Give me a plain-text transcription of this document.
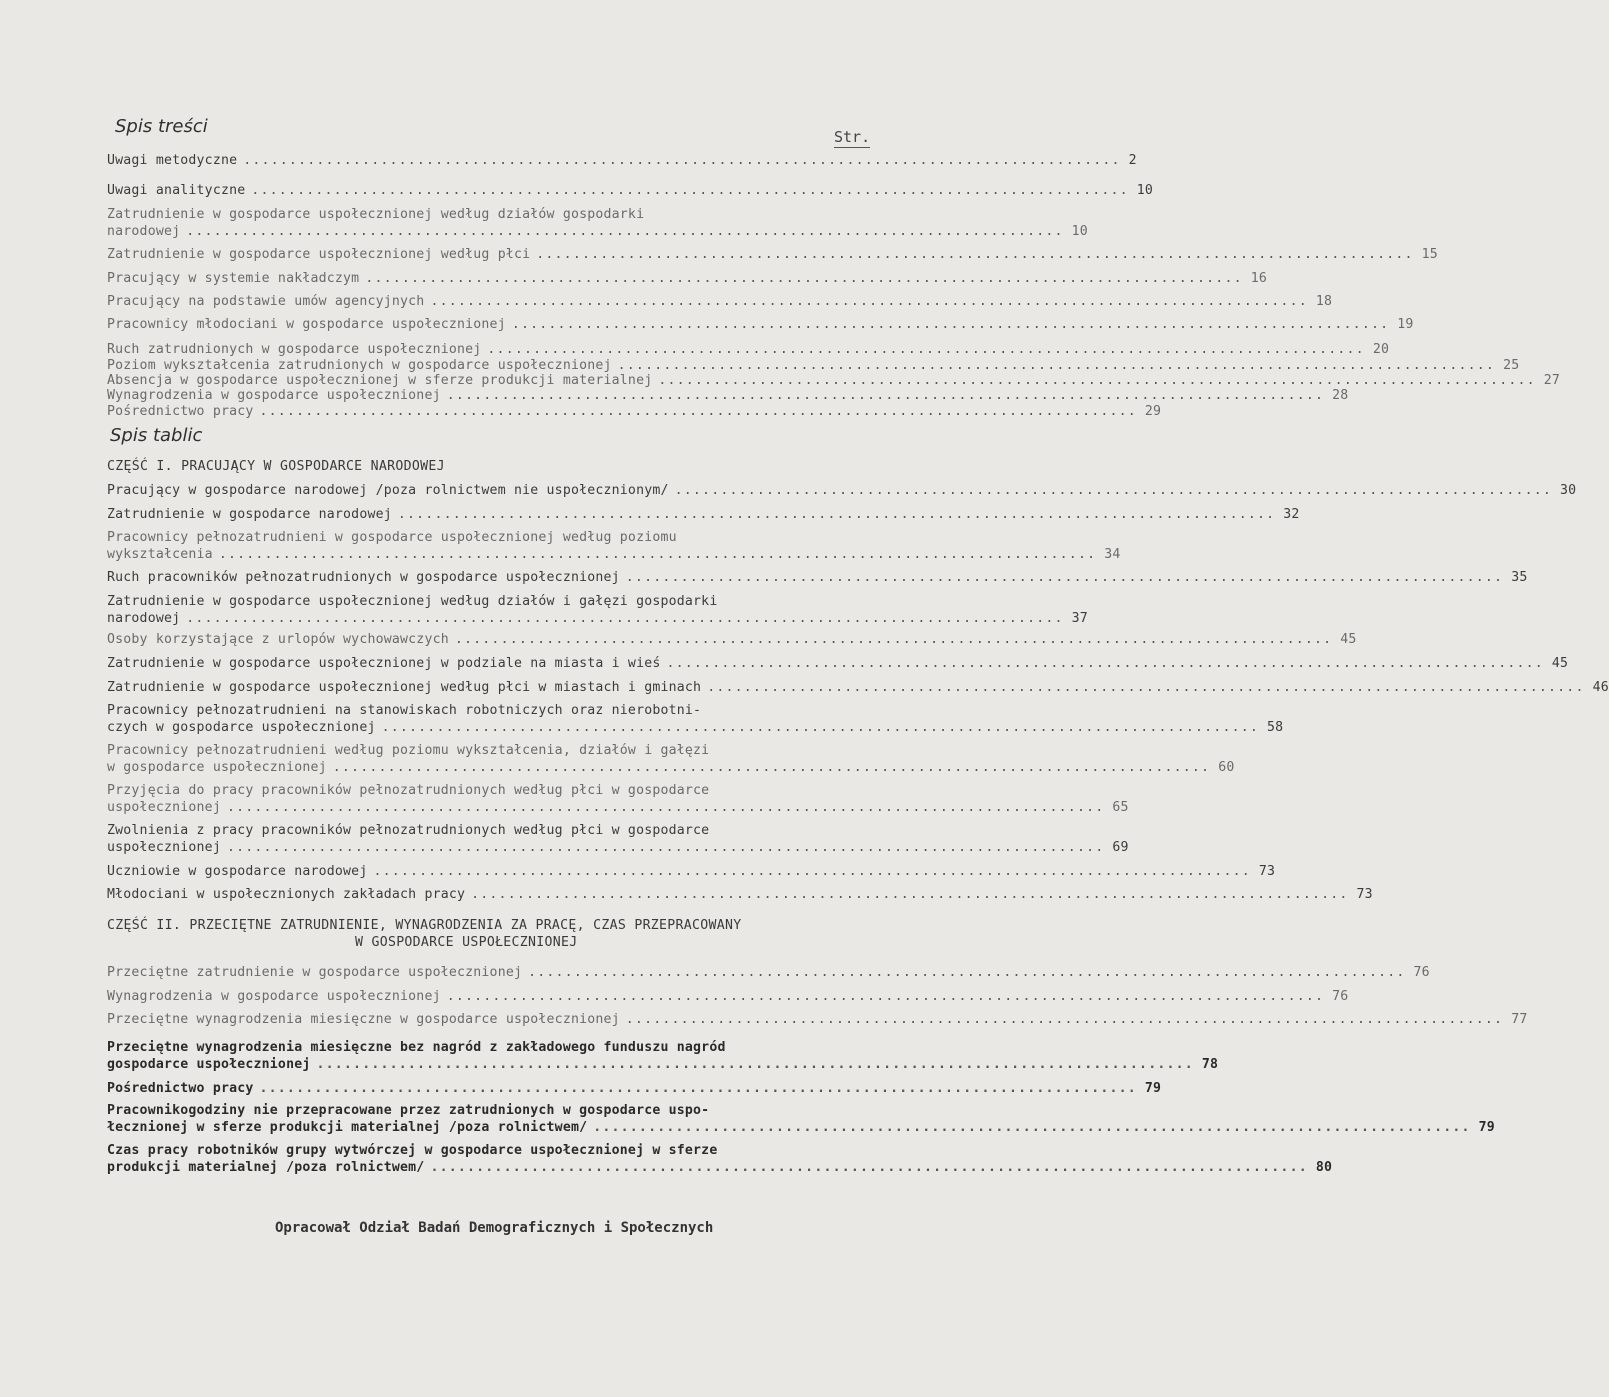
Spis treści	Str.
Uwagi metodyczne ................................................................................................ 2
Uwagi analityczne ................................................................................................ 10
Zatrudnienie w gospodarce uspołecznionej według działów gospodarki
narodowej ................................................................................................ 10
Zatrudnienie w gospodarce uspołecznionej według płci ................................................................................................ 15
Pracujący w systemie nakładczym ................................................................................................ 16
Pracujący na podstawie umów agencyjnych ................................................................................................ 18
Pracownicy młodociani w gospodarce uspołecznionej ................................................................................................ 19
Ruch zatrudnionych w gospodarce uspołecznionej ................................................................................................ 20
Poziom wykształcenia zatrudnionych w gospodarce uspołecznionej ................................................................................................ 25
Absencja w gospodarce uspołecznionej w sferze produkcji materialnej ................................................................................................ 27
Wynagrodzenia w gospodarce uspołecznionej ................................................................................................ 28
Pośrednictwo pracy ................................................................................................ 29
Spis tablic
CZĘŚĆ I. PRACUJĄCY W GOSPODARCE NARODOWEJ
Pracujący w gospodarce narodowej /poza rolnictwem nie uspołecznionym/ ................................................................................................ 30
Zatrudnienie w gospodarce narodowej ................................................................................................ 32
Pracownicy pełnozatrudnieni w gospodarce uspołecznionej według poziomu
wykształcenia ................................................................................................ 34
Ruch pracowników pełnozatrudnionych w gospodarce uspołecznionej ................................................................................................ 35
Zatrudnienie w gospodarce uspołecznionej według działów i gałęzi gospodarki
narodowej ................................................................................................ 37
Osoby korzystające z urlopów wychowawczych ................................................................................................ 45
Zatrudnienie w gospodarce uspołecznionej w podziale na miasta i wieś ................................................................................................ 45
Zatrudnienie w gospodarce uspołecznionej według płci w miastach i gminach ................................................................................................ 46
Pracownicy pełnozatrudnieni na stanowiskach robotniczych oraz nierobotni-
czych w gospodarce uspołecznionej ................................................................................................ 58
Pracownicy pełnozatrudnieni według poziomu wykształcenia, działów i gałęzi
w gospodarce uspołecznionej ................................................................................................ 60
Przyjęcia do pracy pracowników pełnozatrudnionych według płci w gospodarce
uspołecznionej ................................................................................................ 65
Zwolnienia z pracy pracowników pełnozatrudnionych według płci w gospodarce
uspołecznionej ................................................................................................ 69
Uczniowie w gospodarce narodowej ................................................................................................ 73
Młodociani w uspołecznionych zakładach pracy ................................................................................................ 73
CZĘŚĆ II. PRZECIĘTNE ZATRUDNIENIE, WYNAGRODZENIA ZA PRACĘ, CZAS PRZEPRACOWANY
W GOSPODARCE USPOŁECZNIONEJ
Przeciętne zatrudnienie w gospodarce uspołecznionej ................................................................................................ 76
Wynagrodzenia w gospodarce uspołecznionej ................................................................................................ 76
Przeciętne wynagrodzenia miesięczne w gospodarce uspołecznionej ................................................................................................ 77
Przeciętne wynagrodzenia miesięczne bez nagród z zakładowego funduszu nagród
gospodarce uspołecznionej ................................................................................................ 78
Pośrednictwo pracy ................................................................................................ 79
Pracownikogodziny nie przepracowane przez zatrudnionych w gospodarce uspo-
łecznionej w sferze produkcji materialnej /poza rolnictwem/ ................................................................................................ 79
Czas pracy robotników grupy wytwórczej w gospodarce uspołecznionej w sferze
produkcji materialnej /poza rolnictwem/ ................................................................................................ 80
Opracował Odział Badań Demograficznych i Społecznych
